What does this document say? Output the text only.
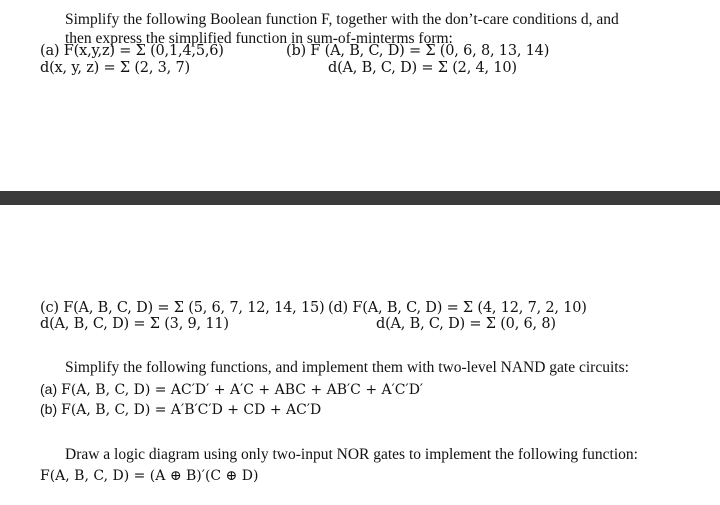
Simplify the following Boolean function F, together with the don’t-care conditions d, and
then express the simplified function in sum-of-minterms form:
(a) F(x,y,z) = Σ (0,1,4,5,6)	(b) F (A, B, C, D) = Σ (0, 6, 8, 13, 14)
d(x, y, z) = Σ (2, 3, 7)	d(A, B, C, D) = Σ (2, 4, 10)
(c) F(A, B, C, D) = Σ (5, 6, 7, 12, 14, 15) (d) F(A, B, C, D) = Σ (4, 12, 7, 2, 10)
d(A, B, C, D) = Σ (3, 9, 11)	d(A, B, C, D) = Σ (0, 6, 8)
Simplify the following functions, and implement them with two-level NAND gate circuits:
(a) F(A, B, C, D) = AC′D′ + A′C + ABC + AB′C + A′C′D′
(b) F(A, B, C, D) = A′B′C′D + CD + AC′D
Draw a logic diagram using only two-input NOR gates to implement the following function:
F(A, B, C, D) = (A ⊕ B)′(C ⊕ D)
